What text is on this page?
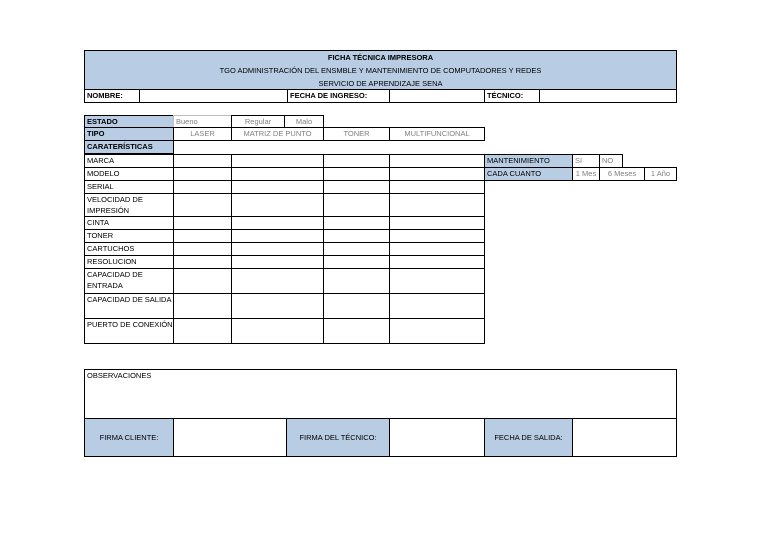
FICHA TÉCNICA IMPRESORA
TGO ADMINISTRACIÓN DEL ENSMBLE Y MANTENIMIENTO DE COMPUTADORES Y REDES
SERVICIO DE APRENDIZAJE SENA
NOMBRE:	FECHA DE INGRESO:	TÉCNICO:
ESTADO	Bueno	Regular	Malo
TIPO	LASER	MATRIZ DE PUNTO	TONER	MULTIFUNCIONAL
CARATERÍSTICAS
MARCA
MODELO
SERIAL
VELOCIDAD DE IMPRESIÓN
CINTA
TONER
CARTUCHOS
RESOLUCION
CAPACIDAD DE ENTRADA
CAPACIDAD DE SALIDA
PUERTO DE CONEXIÓN
MANTENIMIENTO	SI	NO
CADA CUANTO	1 Mes	6 Meses	1 Año
OBSERVACIONES
FIRMA CLIENTE:	FIRMA DEL TÉCNICO:	FECHA DE SALIDA:
